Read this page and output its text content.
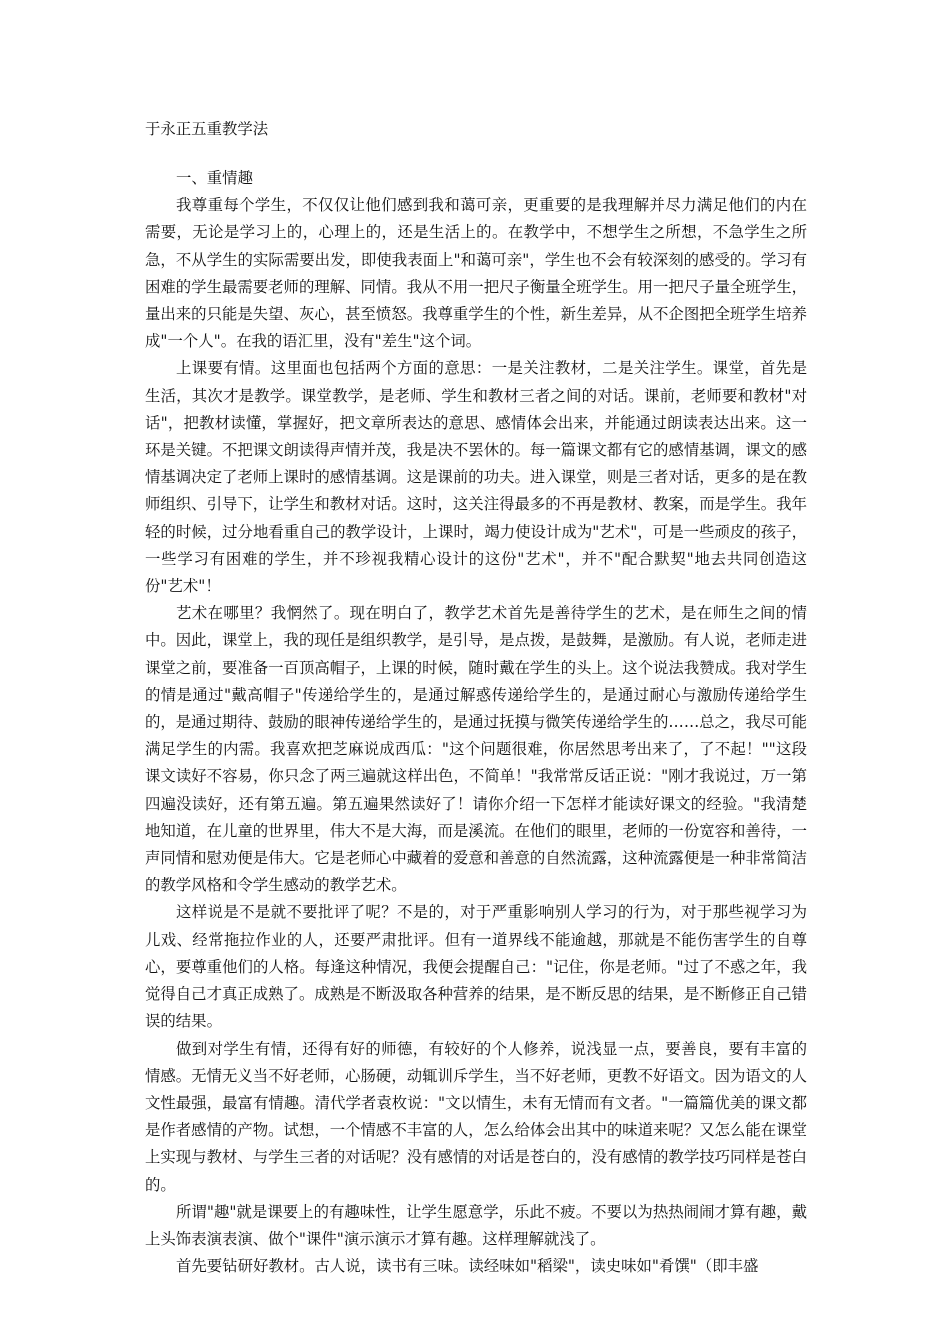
于永正五重教学法
一、重情趣

我尊重每个学生，不仅仅让他们感到我和蔼可亲，更重要的是我理解并尽力满足他们的内在需要，无论是学习上的，心理上的，还是生活上的。在教学中，不想学生之所想，不急学生之所急，不从学生的实际需要出发，即使我表面上"和蔼可亲"，学生也不会有较深刻的感受的。学习有困难的学生最需要老师的理解、同情。我从不用一把尺子衡量全班学生。用一把尺子量全班学生，量出来的只能是失望、灰心，甚至愤怒。我尊重学生的个性，新生差异，从不企图把全班学生培养成"一个人"。在我的语汇里，没有"差生"这个词。

上课要有情。这里面也包括两个方面的意思：一是关注教材，二是关注学生。课堂，首先是生活，其次才是教学。课堂教学，是老师、学生和教材三者之间的对话。课前，老师要和教材"对话"，把教材读懂，掌握好，把文章所表达的意思、感情体会出来，并能通过朗读表达出来。这一环是关键。不把课文朗读得声情并茂，我是决不罢休的。每一篇课文都有它的感情基调，课文的感情基调决定了老师上课时的感情基调。这是课前的功夫。进入课堂，则是三者对话，更多的是在教师组织、引导下，让学生和教材对话。这时，这关注得最多的不再是教材、教案，而是学生。我年轻的时候，过分地看重自己的教学设计，上课时，竭力使设计成为"艺术"，可是一些顽皮的孩子，一些学习有困难的学生，并不珍视我精心设计的这份"艺术"，并不"配合默契"地去共同创造这份"艺术"！

艺术在哪里？我惘然了。现在明白了，教学艺术首先是善待学生的艺术，是在师生之间的情中。因此，课堂上，我的现任是组织教学，是引导，是点拨，是鼓舞，是激励。有人说，老师走进课堂之前，要准备一百顶高帽子，上课的时候，随时戴在学生的头上。这个说法我赞成。我对学生的情是通过"戴高帽子"传递给学生的，是通过解惑传递给学生的，是通过耐心与激励传递给学生的，是通过期待、鼓励的眼神传递给学生的，是通过抚摸与微笑传递给学生的……总之，我尽可能满足学生的内需。我喜欢把芝麻说成西瓜："这个问题很难，你居然思考出来了，了不起！""这段课文读好不容易，你只念了两三遍就这样出色，不简单！"我常常反话正说："刚才我说过，万一第四遍没读好，还有第五遍。第五遍果然读好了！请你介绍一下怎样才能读好课文的经验。"我清楚地知道，在儿童的世界里，伟大不是大海，而是溪流。在他们的眼里，老师的一份宽容和善待，一声同情和慰劝便是伟大。它是老师心中藏着的爱意和善意的自然流露，这种流露便是一种非常简洁的教学风格和令学生感动的教学艺术。

这样说是不是就不要批评了呢？不是的，对于严重影响别人学习的行为，对于那些视学习为儿戏、经常拖拉作业的人，还要严肃批评。但有一道界线不能逾越，那就是不能伤害学生的自尊心，要尊重他们的人格。每逢这种情况，我便会提醒自己："记住，你是老师。"过了不惑之年，我觉得自己才真正成熟了。成熟是不断汲取各种营养的结果，是不断反思的结果，是不断修正自己错误的结果。

做到对学生有情，还得有好的师德，有较好的个人修养，说浅显一点，要善良，要有丰富的情感。无情无义当不好老师，心肠硬，动辄训斥学生，当不好老师，更教不好语文。因为语文的人文性最强，最富有情趣。清代学者袁枚说："文以情生，未有无情而有文者。"一篇篇优美的课文都是作者感情的产物。试想，一个情感不丰富的人，怎么给体会出其中的味道来呢？又怎么能在课堂上实现与教材、与学生三者的对话呢？没有感情的对话是苍白的，没有感情的教学技巧同样是苍白的。

所谓"趣"就是课要上的有趣味性，让学生愿意学，乐此不疲。不要以为热热闹闹才算有趣，戴上头饰表演表演、做个"课件"演示演示才算有趣。这样理解就浅了。

首先要钻研好教材。古人说，读书有三味。读经味如"稻梁"，读史味如"肴馔"（即丰盛
